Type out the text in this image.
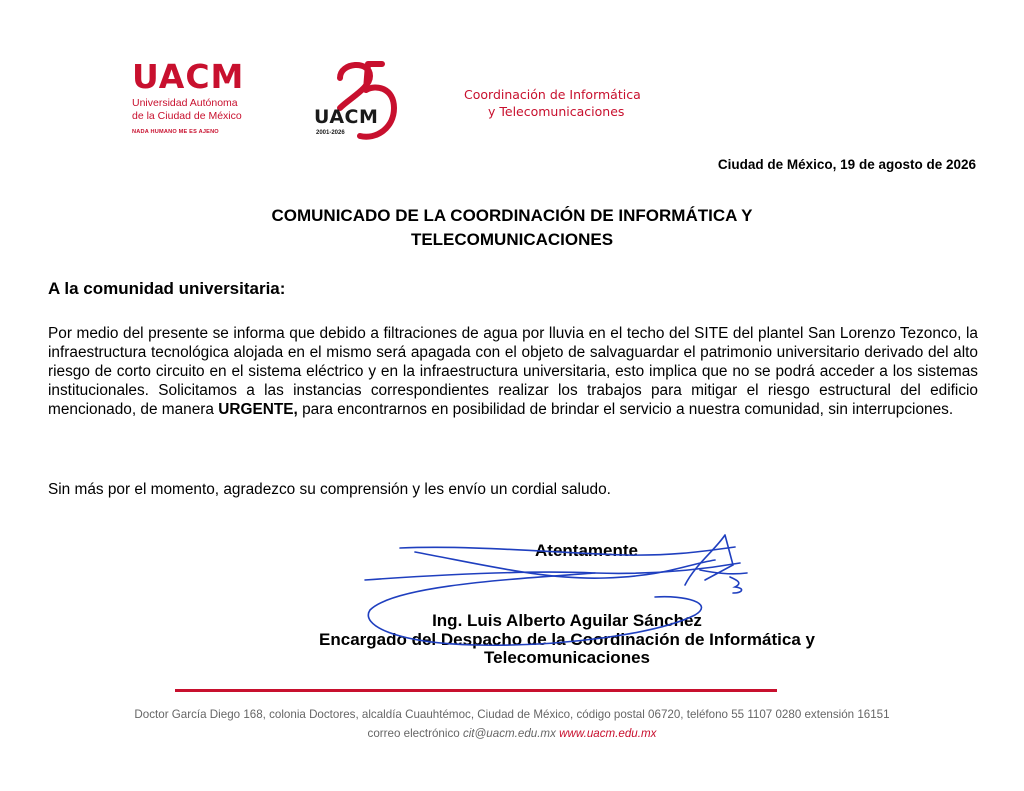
UACM
Universidad Autónoma
de la Ciudad de México
NADA HUMANO ME ES AJENO
UACM
2001-2026
Coordinación de Informática
y Telecomunicaciones
Ciudad de México, 19 de agosto de 2026
COMUNICADO DE LA COORDINACIÓN DE INFORMÁTICA Y
TELECOMUNICACIONES
A la comunidad universitaria:
Por medio del presente se informa que debido a filtraciones de agua por lluvia en el techo del SITE del plantel San Lorenzo Tezonco, la infraestructura tecnológica alojada en el mismo será apagada con el objeto de salvaguardar el patrimonio universitario derivado del alto riesgo de corto circuito en el sistema eléctrico y en la infraestructura universitaria, esto implica que no se podrá acceder a los sistemas institucionales. Solicitamos a las instancias correspondientes realizar los trabajos para mitigar el riesgo estructural del edificio mencionado, de manera URGENTE, para encontrarnos en posibilidad de brindar el servicio a nuestra comunidad, sin interrupciones.
Sin más por el momento, agradezco su comprensión y les envío un cordial saludo.
Atentamente
Ing. Luis Alberto Aguilar Sánchez
Encargado del Despacho de la Coordinación de Informática y
Telecomunicaciones
Doctor García Diego 168, colonia Doctores, alcaldía Cuauhtémoc, Ciudad de México, código postal 06720, teléfono 55 1107 0280 extensión 16151
correo electrónico cit@uacm.edu.mx www.uacm.edu.mx
